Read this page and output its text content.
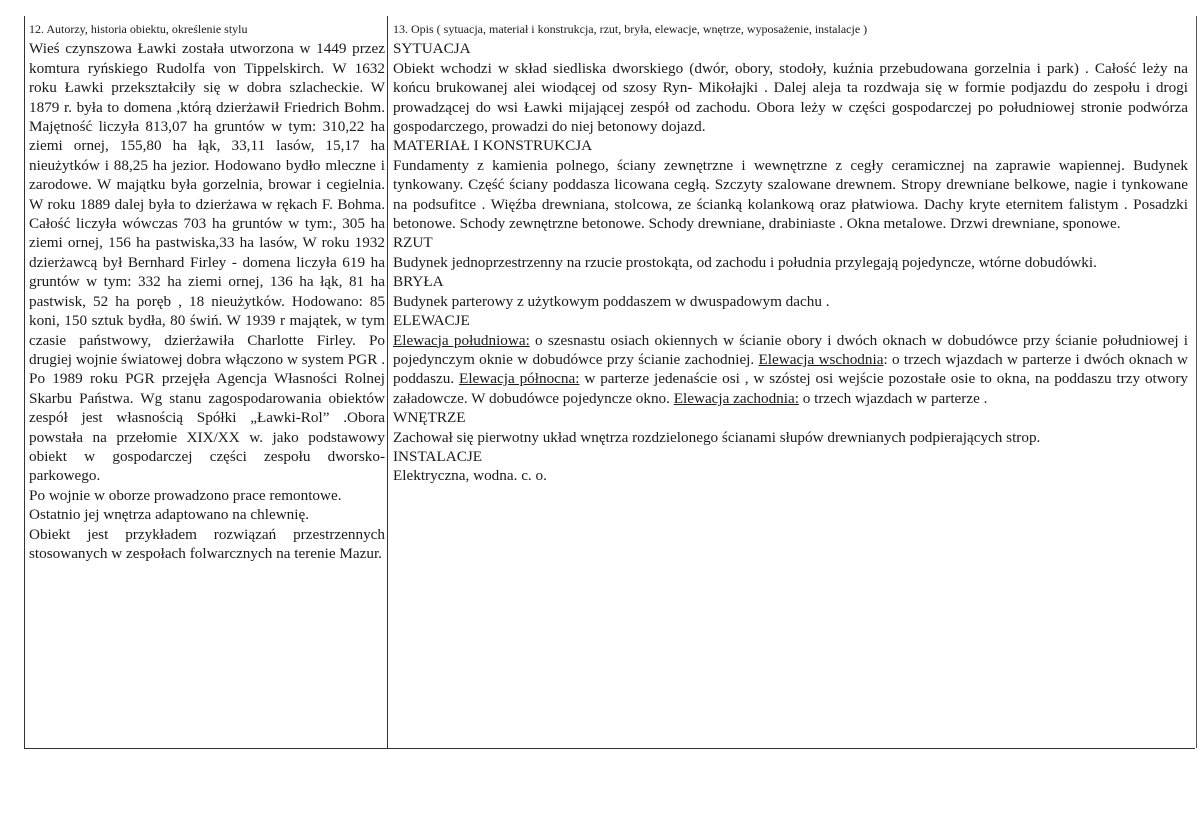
12. Autorzy, historia obiektu, określenie stylu

Wieś czynszowa Ławki została utworzona w 1449 przez komtura ryńskiego Rudolfa von Tippelskirch. W 1632 roku Ławki przekształciły się w dobra szlacheckie. W 1879 r. była to domena ,którą dzierżawił Friedrich Bohm. Majętność liczyła 813,07 ha gruntów w tym: 310,22 ha ziemi ornej, 155,80 ha łąk, 33,11 lasów, 15,17 ha nieużytków i 88,25 ha jezior. Hodowano bydło mleczne i zarodowe. W majątku była gorzelnia, browar i cegielnia. W roku 1889 dalej była to dzierżawa w rękach F. Bohma. Całość liczyła wówczas 703 ha gruntów w tym:, 305 ha ziemi ornej, 156 ha pastwiska,33 ha lasów, W roku 1932 dzierżawcą był Bernhard Firley - domena liczyła 619 ha gruntów w tym: 332 ha ziemi ornej, 136 ha łąk, 81 ha pastwisk, 52 ha poręb , 18 nieużytków. Hodowano: 85 koni, 150 sztuk bydła, 80 świń. W 1939 r majątek, w tym czasie państwowy, dzierżawiła Charlotte Firley. Po drugiej wojnie światowej dobra włączono w system PGR . Po 1989 roku PGR przejęła Agencja Własności Rolnej Skarbu Państwa. Wg stanu zagospodarowania obiektów zespół jest własnością Spółki „Ławki-Rol” .Obora powstała na przełomie XIX/XX w. jako podstawowy obiekt w gospodarczej części zespołu dworsko-parkowego.

Po wojnie w oborze prowadzono prace remontowe. Ostatnio jej wnętrza adaptowano na chlewnię.

Obiekt jest przykładem rozwiązań przestrzennych stosowanych w zespołach folwarcznych na terenie Mazur.

13. Opis ( sytuacja, materiał i konstrukcja, rzut, bryła, elewacje, wnętrze, wyposażenie, instalacje )
SYTUACJA

Obiekt wchodzi w skład siedliska dworskiego (dwór, obory, stodoły, kuźnia przebudowana gorzelnia i park) . Całość leży na końcu brukowanej alei wiodącej od szosy Ryn- Mikołajki . Dalej aleja ta rozdwaja się w formie podjazdu do zespołu i drogi prowadzącej do wsi Ławki mijającej zespół od zachodu. Obora leży w części gospodarczej po południowej stronie podwórza gospodarczego, prowadzi do niej betonowy dojazd.

MATERIAŁ I KONSTRUKCJA

Fundamenty z kamienia polnego, ściany zewnętrzne i wewnętrzne z cegły ceramicznej na zaprawie wapiennej. Budynek tynkowany. Część ściany poddasza licowana cegłą. Szczyty szalowane drewnem. Stropy drewniane belkowe, nagie i tynkowane na podsufitce . Więźba drewniana, stolcowa, ze ścianką kolankową oraz płatwiowa. Dachy kryte eternitem falistym . Posadzki betonowe. Schody zewnętrzne betonowe. Schody drewniane, drabiniaste . Okna metalowe. Drzwi drewniane, sponowe.

RZUT

Budynek jednoprzestrzenny na rzucie prostokąta, od zachodu i południa przylegają pojedyncze, wtórne dobudówki.

BRYŁA

Budynek parterowy z użytkowym poddaszem w dwuspadowym dachu .

ELEWACJE

Elewacja południowa: o szesnastu osiach okiennych w ścianie obory i dwóch oknach w dobudówce przy ścianie południowej i pojedynczym oknie w dobudówce przy ścianie zachodniej. Elewacja wschodnia: o trzech wjazdach w parterze i dwóch oknach w poddaszu. Elewacja północna: w parterze jedenaście osi , w szóstej osi wejście pozostałe osie to okna, na poddaszu trzy otwory załadowcze. W dobudówce pojedyncze okno. Elewacja zachodnia: o trzech wjazdach w parterze .

WNĘTRZE

Zachował się pierwotny układ wnętrza rozdzielonego ścianami słupów drewnianych podpierających strop.

INSTALACJE

Elektryczna, wodna. c. o.
